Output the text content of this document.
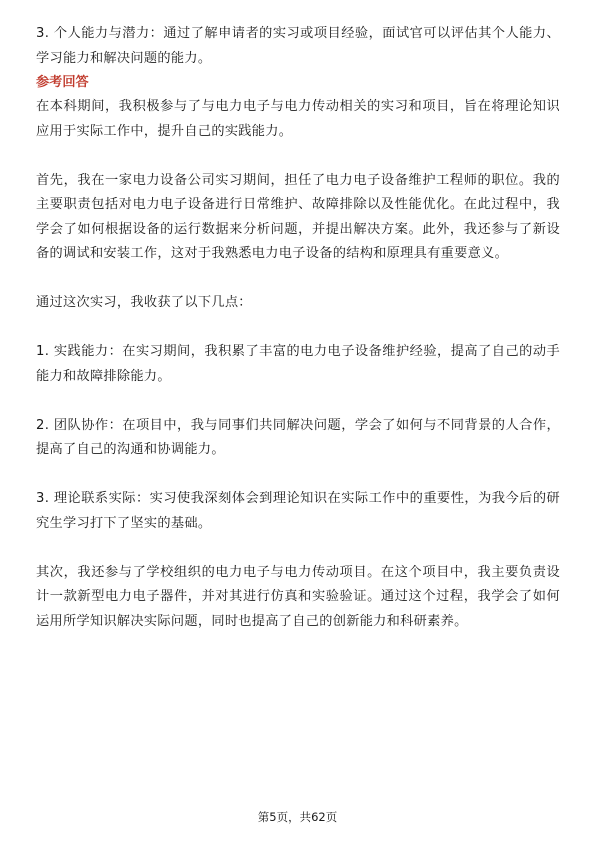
3. 个人能力与潜力：通过了解申请者的实习或项目经验，面试官可以评估其个人能力、学习能力和解决问题的能力。

参考回答

在本科期间，我积极参与了与电力电子与电力传动相关的实习和项目，旨在将理论知识应用于实际工作中，提升自己的实践能力。

首先，我在一家电力设备公司实习期间，担任了电力电子设备维护工程师的职位。我的主要职责包括对电力电子设备进行日常维护、故障排除以及性能优化。在此过程中，我学会了如何根据设备的运行数据来分析问题，并提出解决方案。此外，我还参与了新设备的调试和安装工作，这对于我熟悉电力电子设备的结构和原理具有重要意义。

通过这次实习，我收获了以下几点：

1. 实践能力：在实习期间，我积累了丰富的电力电子设备维护经验，提高了自己的动手能力和故障排除能力。

2. 团队协作：在项目中，我与同事们共同解决问题，学会了如何与不同背景的人合作，提高了自己的沟通和协调能力。

3. 理论联系实际：实习使我深刻体会到理论知识在实际工作中的重要性，为我今后的研究生学习打下了坚实的基础。

其次，我还参与了学校组织的电力电子与电力传动项目。在这个项目中，我主要负责设计一款新型电力电子器件，并对其进行仿真和实验验证。通过这个过程，我学会了如何运用所学知识解决实际问题，同时也提高了自己的创新能力和科研素养。

第5页，共62页
